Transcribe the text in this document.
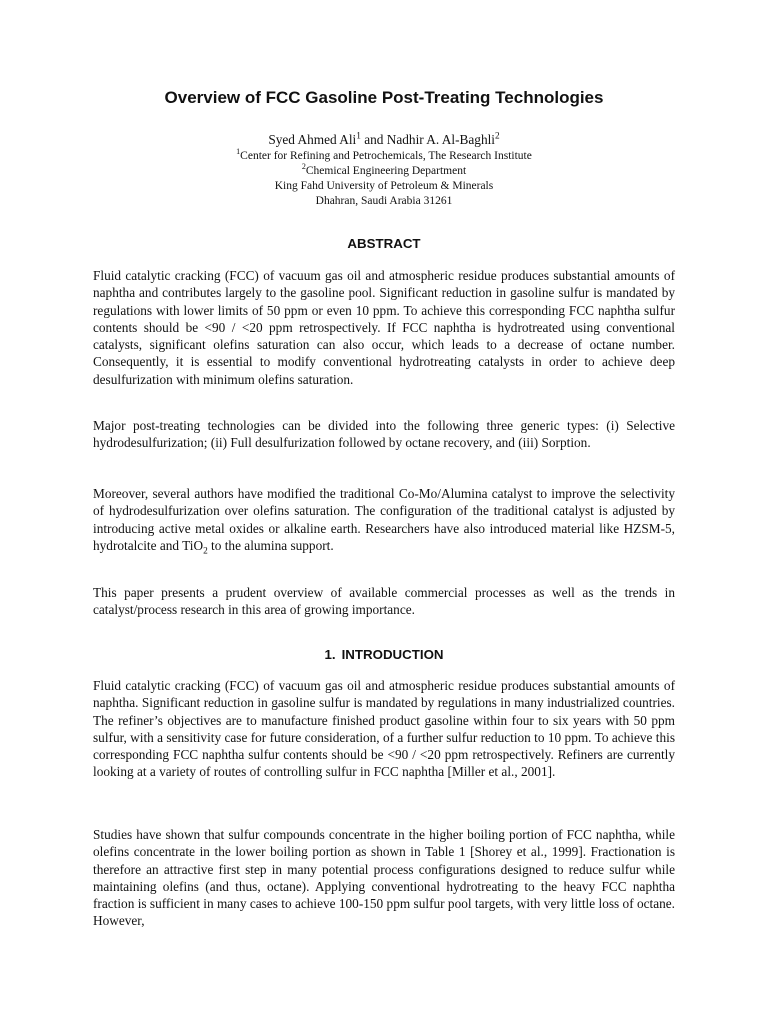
Overview of FCC Gasoline Post-Treating Technologies
Syed Ahmed Ali$^1$ and Nadhir A. Al-Baghli$^2$
$^1$Center for Refining and Petrochemicals, The Research Institute
$^2$Chemical Engineering Department
King Fahd University of Petroleum & Minerals
Dhahran, Saudi Arabia 31261
ABSTRACT

Fluid catalytic cracking (FCC) of vacuum gas oil and atmospheric residue produces substantial amounts of naphtha and contributes largely to the gasoline pool. Significant reduction in gasoline sulfur is mandated by regulations with lower limits of 50 ppm or even 10 ppm. To achieve this corresponding FCC naphtha sulfur contents should be <90 / <20 ppm retrospectively. If FCC naphtha is hydrotreated using conventional catalysts, significant olefins saturation can also occur, which leads to a decrease of octane number. Consequently, it is essential to modify conventional hydrotreating catalysts in order to achieve deep desulfurization with minimum olefins saturation.

Major post-treating technologies can be divided into the following three generic types: (i) Selective hydrodesulfurization; (ii) Full desulfurization followed by octane recovery, and (iii) Sorption.

Moreover, several authors have modified the traditional Co-Mo/Alumina catalyst to improve the selectivity of hydrodesulfurization over olefins saturation. The configuration of the traditional catalyst is adjusted by introducing active metal oxides or alkaline earth. Researchers have also introduced material like HZSM-5, hydrotalcite and TiO$_2$ to the alumina support.

This paper presents a prudent overview of available commercial processes as well as the trends in catalyst/process research in this area of growing importance.

1. INTRODUCTION

Fluid catalytic cracking (FCC) of vacuum gas oil and atmospheric residue produces substantial amounts of naphtha. Significant reduction in gasoline sulfur is mandated by regulations in many industrialized countries. The refiner’s objectives are to manufacture finished product gasoline within four to six years with 50 ppm sulfur, with a sensitivity case for future consideration, of a further sulfur reduction to 10 ppm. To achieve this corresponding FCC naphtha sulfur contents should be <90 / <20 ppm retrospectively. Refiners are currently looking at a variety of routes of controlling sulfur in FCC naphtha [Miller et al., 2001].

Studies have shown that sulfur compounds concentrate in the higher boiling portion of FCC naphtha, while olefins concentrate in the lower boiling portion as shown in Table 1 [Shorey et al., 1999]. Fractionation is therefore an attractive first step in many potential process configurations designed to reduce sulfur while maintaining olefins (and thus, octane). Applying conventional hydrotreating to the heavy FCC naphtha fraction is sufficient in many cases to achieve 100-150 ppm sulfur pool targets, with very little loss of octane. However,
